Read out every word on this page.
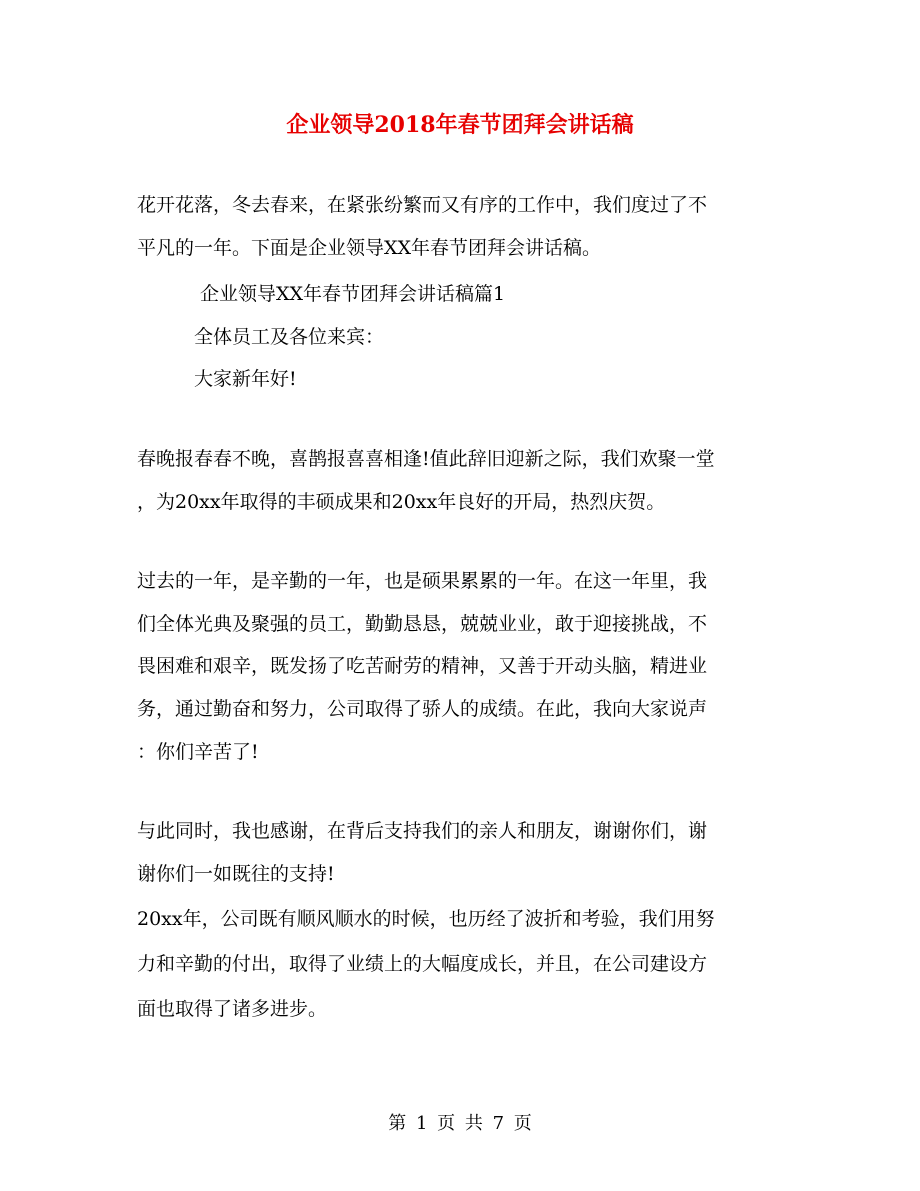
企业领导2018年春节团拜会讲话稿
花开花落，冬去春来，在紧张纷繁而又有序的工作中，我们度过了不
平凡的一年。下面是企业领导XX年春节团拜会讲话稿。
企业领导XX年春节团拜会讲话稿篇1
全体员工及各位来宾：
大家新年好!
春晚报春春不晚，喜鹊报喜喜相逢!值此辞旧迎新之际，我们欢聚一堂
，为20xx年取得的丰硕成果和20xx年良好的开局，热烈庆贺。
过去的一年，是辛勤的一年，也是硕果累累的一年。在这一年里，我
们全体光典及聚强的员工，勤勤恳恳，兢兢业业，敢于迎接挑战，不
畏困难和艰辛，既发扬了吃苦耐劳的精神，又善于开动头脑，精进业
务，通过勤奋和努力，公司取得了骄人的成绩。在此，我向大家说声
：你们辛苦了!
与此同时，我也感谢，在背后支持我们的亲人和朋友，谢谢你们，谢
谢你们一如既往的支持!
20xx年，公司既有顺风顺水的时候，也历经了波折和考验，我们用努
力和辛勤的付出，取得了业绩上的大幅度成长，并且，在公司建设方
面也取得了诸多进步。
第 1 页 共 7 页
